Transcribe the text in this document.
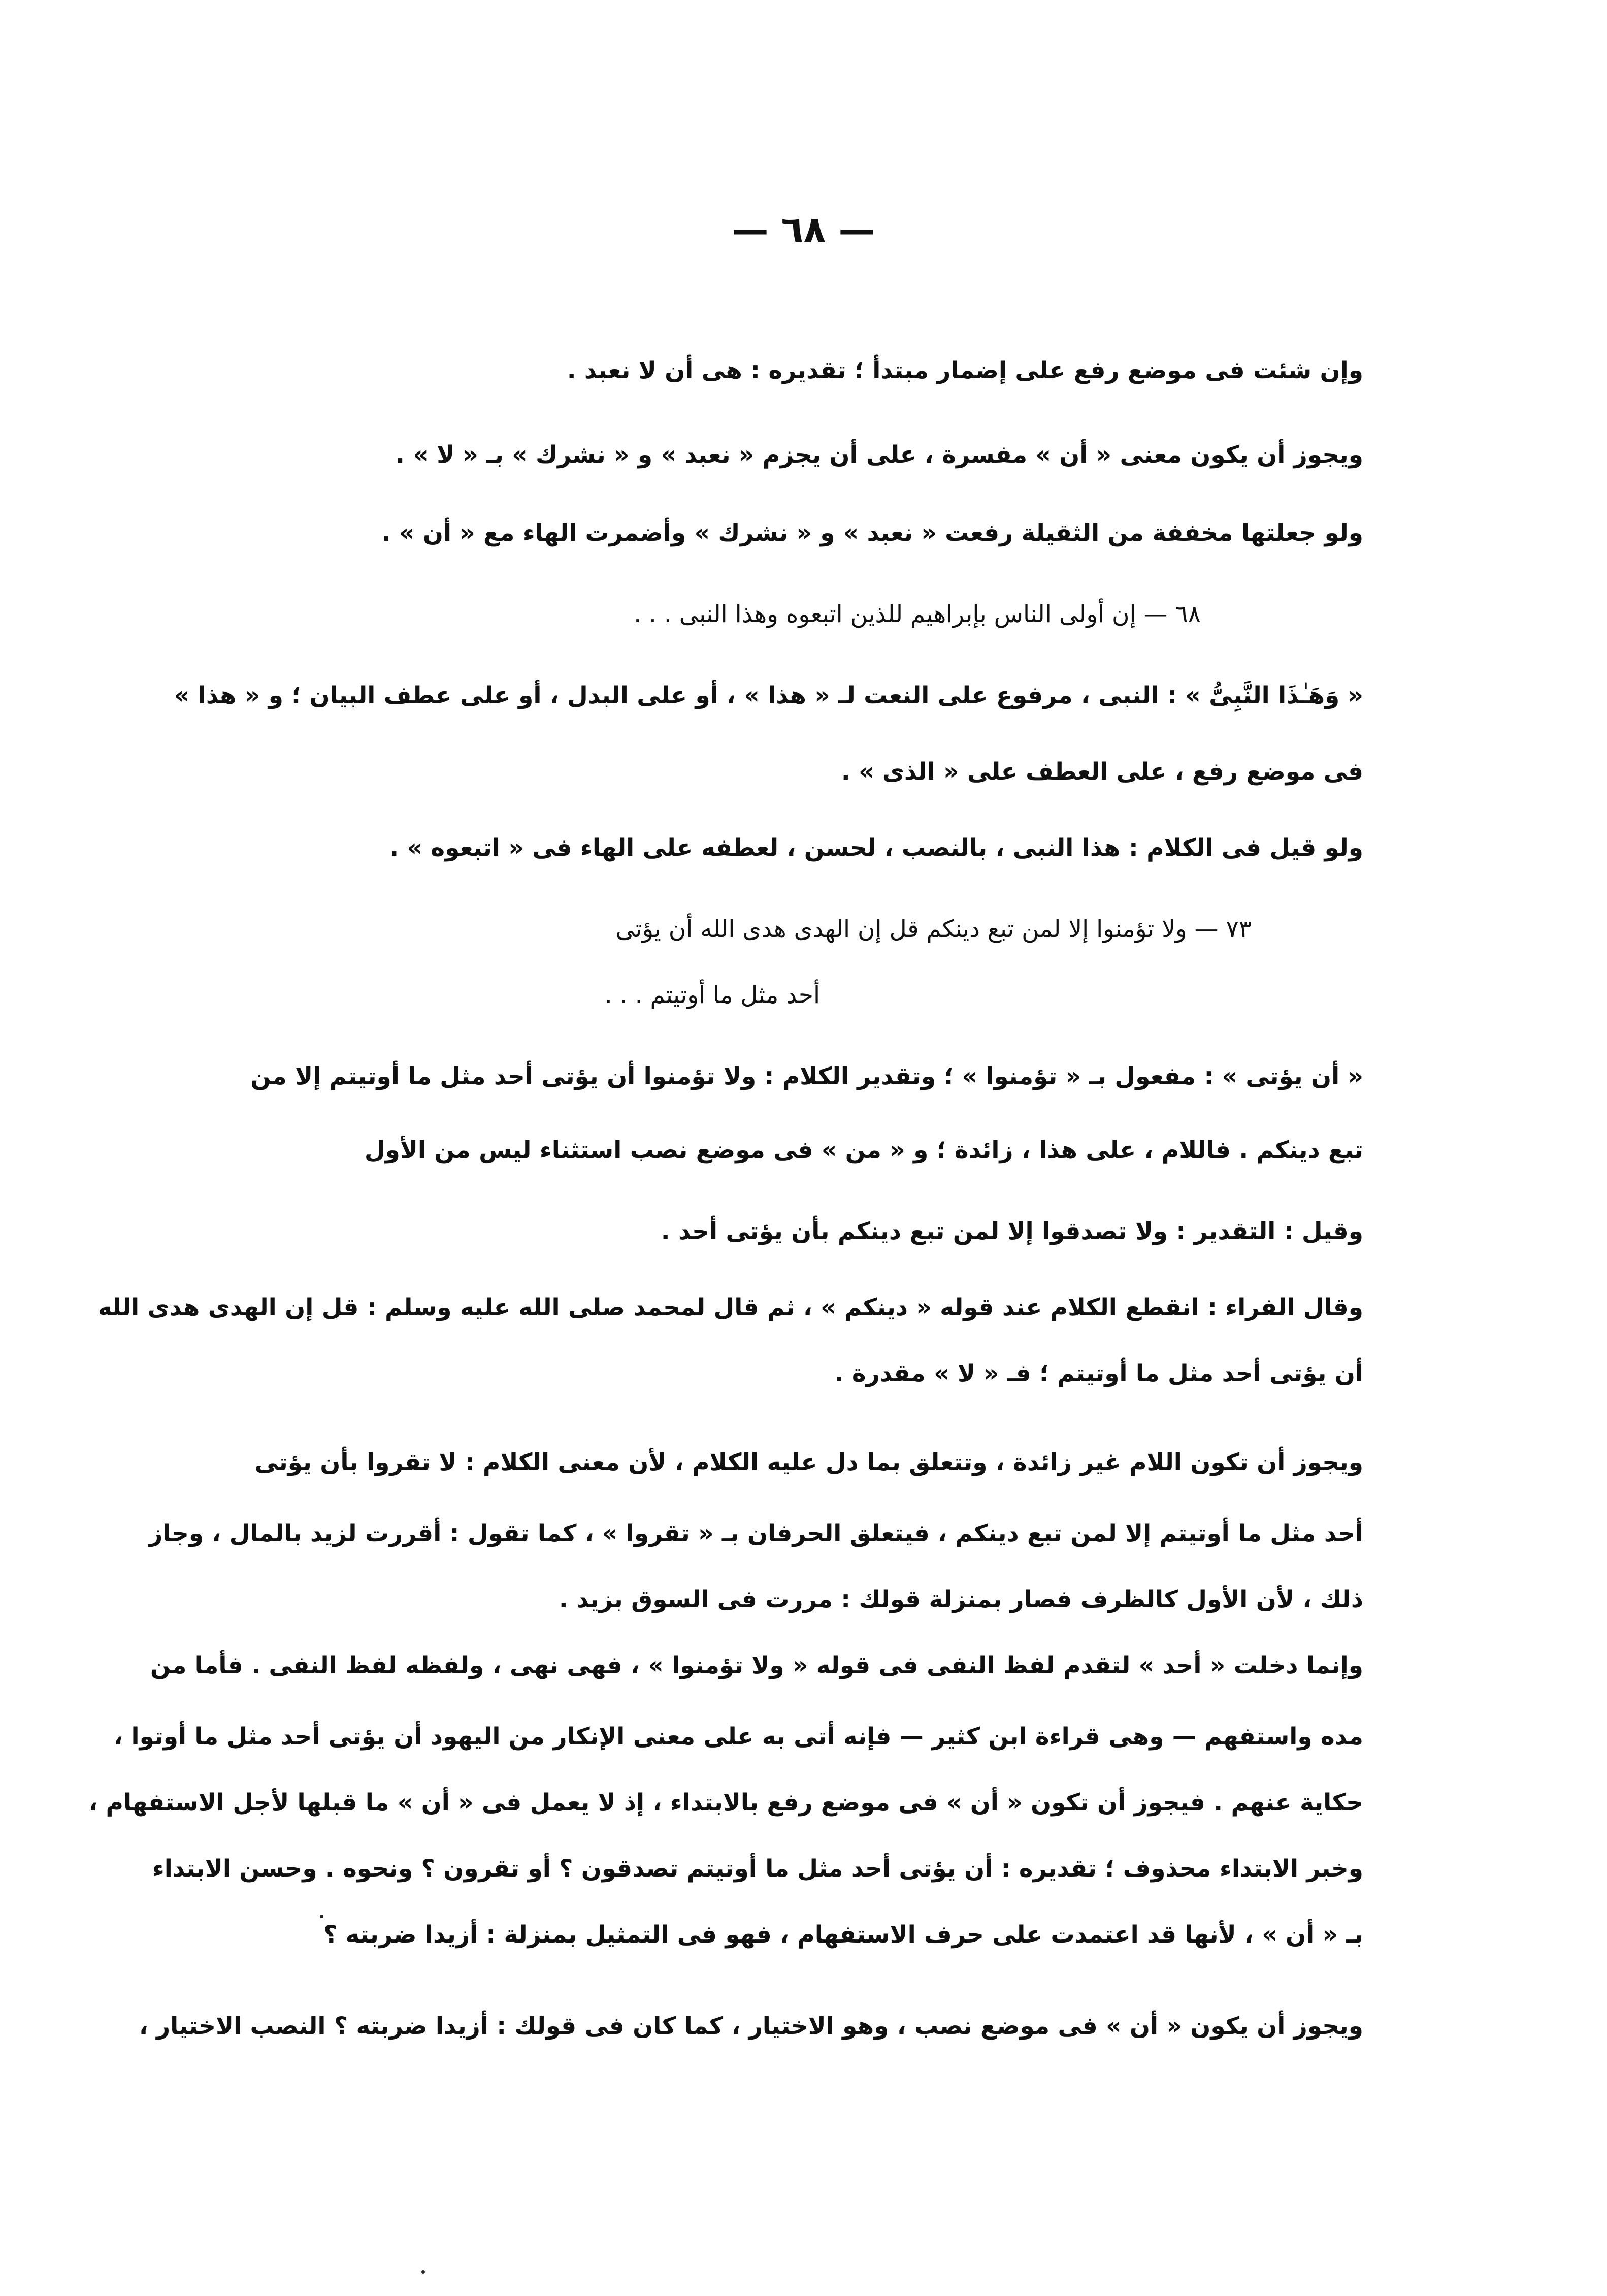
— ٦٨ —
وإن شئت فى موضع رفع على إضمار مبتدأ ؛ تقديره : هى أن لا نعبد .
ويجوز أن يكون معنى « أن » مفسرة ، على أن يجزم « نعبد » و « نشرك » بـ « لا » .
ولو جعلتها مخففة من الثقيلة رفعت « نعبد » و « نشرك » وأضمرت الهاء مع « أن » .
٦٨ — إن أولى الناس بإبراهيم للذين اتبعوه وهذا النبى . . .
« وَهَـٰذَا النَّبِىُّ » : النبى ، مرفوع على النعت لـ « هذا » ، أو على البدل ، أو على عطف البيان ؛ و « هذا »
فى موضع رفع ، على العطف على « الذى » .
ولو قيل فى الكلام : هذا النبى ، بالنصب ، لحسن ، لعطفه على الهاء فى « اتبعوه » .
٧٣ — ولا تؤمنوا إلا لمن تبع دينكم قل إن الهدى هدى الله أن يؤتى
أحد مثل ما أوتيتم . . .
« أن يؤتى » : مفعول بـ « تؤمنوا » ؛ وتقدير الكلام : ولا تؤمنوا أن يؤتى أحد مثل ما أوتيتم إلا من
تبع دينكم . فاللام ، على هذا ، زائدة ؛ و « من » فى موضع نصب استثناء ليس من الأول
وقيل : التقدير : ولا تصدقوا إلا لمن تبع دينكم بأن يؤتى أحد .
وقال الفراء : انقطع الكلام عند قوله « دينكم » ، ثم قال لمحمد صلى الله عليه وسلم : قل إن الهدى هدى الله
أن يؤتى أحد مثل ما أوتيتم ؛ فـ « لا » مقدرة .
ويجوز أن تكون اللام غير زائدة ، وتتعلق بما دل عليه الكلام ، لأن معنى الكلام : لا تقروا بأن يؤتى
أحد مثل ما أوتيتم إلا لمن تبع دينكم ، فيتعلق الحرفان بـ « تقروا » ، كما تقول : أقررت لزيد بالمال ، وجاز
ذلك ، لأن الأول كالظرف فصار بمنزلة قولك : مررت فى السوق بزيد .
وإنما دخلت « أحد » لتقدم لفظ النفى فى قوله « ولا تؤمنوا » ، فهى نهى ، ولفظه لفظ النفى . فأما من
مده واستفهم — وهى قراءة ابن كثير — فإنه أتى به على معنى الإنكار من اليهود أن يؤتى أحد مثل ما أوتوا ،
حكاية عنهم . فيجوز أن تكون « أن » فى موضع رفع بالابتداء ، إذ لا يعمل فى « أن » ما قبلها لأجل الاستفهام ،
وخبر الابتداء محذوف ؛ تقديره : أن يؤتى أحد مثل ما أوتيتم تصدقون ؟ أو تقرون ؟ ونحوه . وحسن الابتداء
بـ « أن » ، لأنها قد اعتمدت على حرف الاستفهام ، فهو فى التمثيل بمنزلة : أزيدا ضربته ؟
ويجوز أن يكون « أن » فى موضع نصب ، وهو الاختيار ، كما كان فى قولك : أزيدا ضربته ؟ النصب الاختيار ،
